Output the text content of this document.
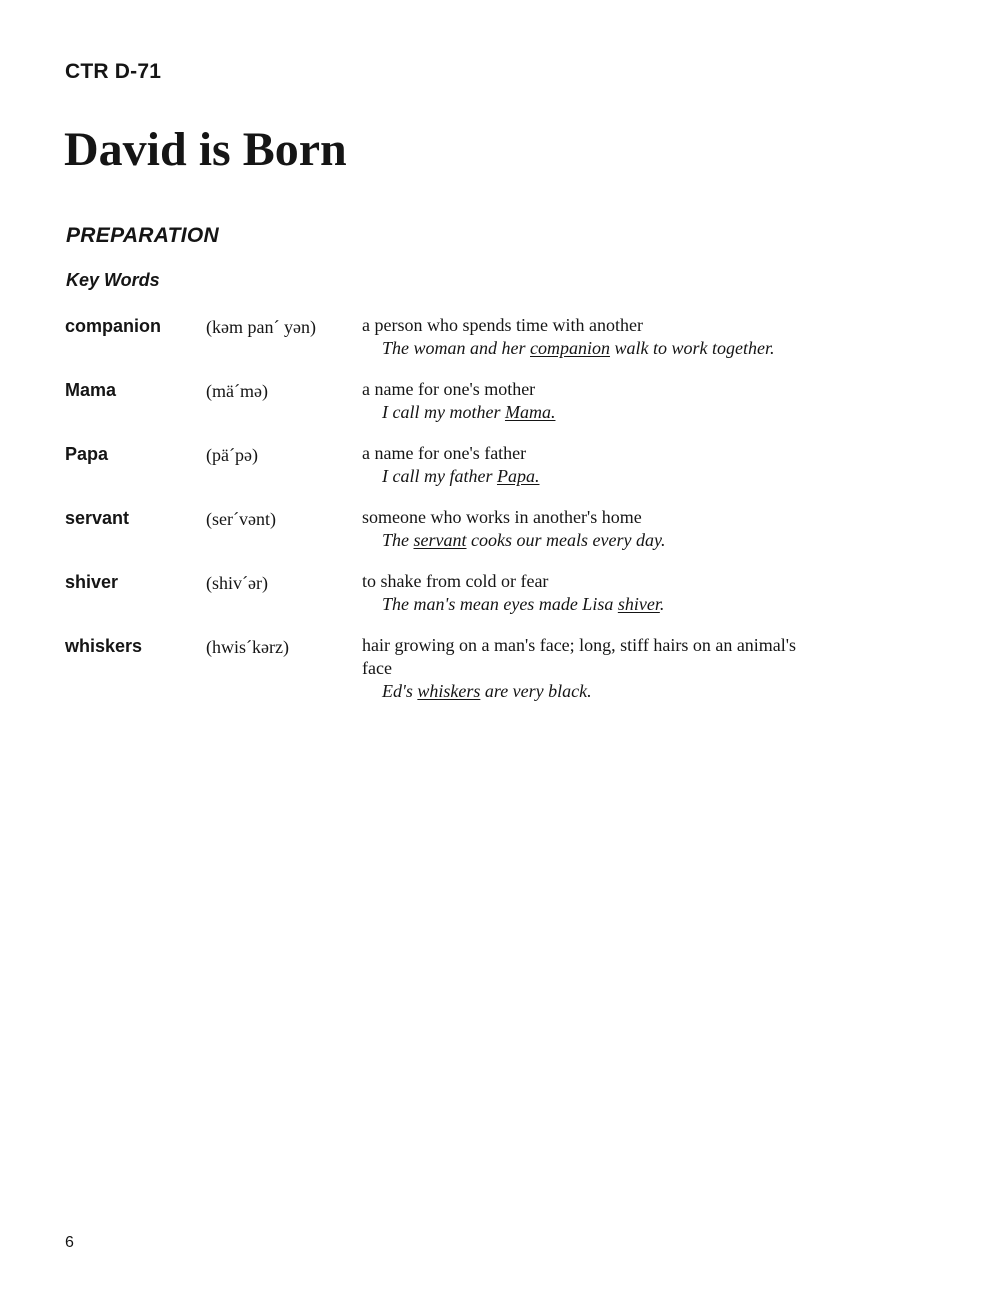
CTR D-71
David is Born
PREPARATION
Key Words
companion (kəm pan´ yən)	a person who spends time with another
The woman and her companion walk to work together.
Mama	(mä´mə)	a name for one's mother
I call my mother Mama.
Papa	(pä´pə)	a name for one's father
I call my father Papa.
servant	(ser´vənt)	someone who works in another's home
The servant cooks our meals every day.
shiver	(shiv´ər)	to shake from cold or fear
The man's mean eyes made Lisa shiver.
whiskers	(hwis´kərz)	hair growing on a man's face; long, stiff hairs on an animal's face
Ed's whiskers are very black.
6
